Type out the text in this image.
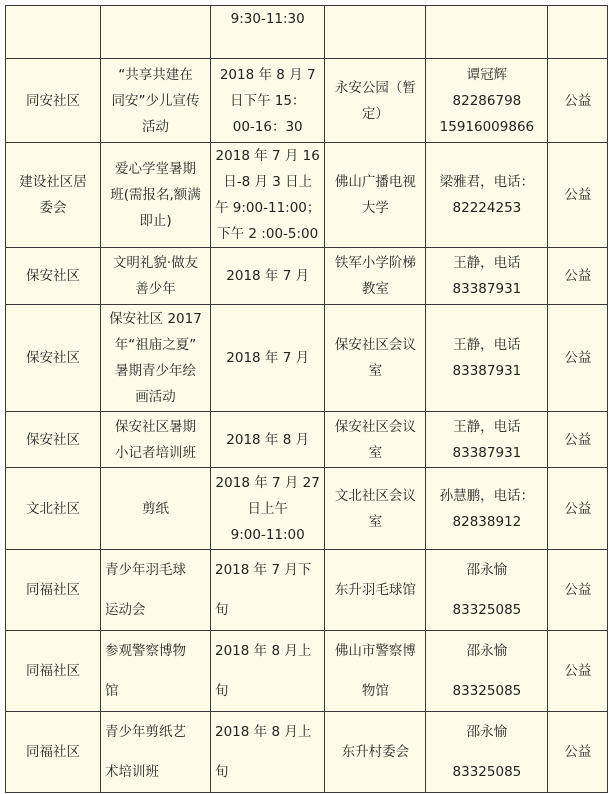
		9:30-11:30			

同安社区	“共享共建在
同安”少儿宣传
活动	2018 年 8 月 7
日下午 15：
00-16：30	永安公园（暂
定）	谭冠辉
82286798
15916009866	公益

建设社区居
委会	爱心学堂暑期
班(需报名,额满
即止)	2018 年 7 月 16
日-8 月 3 日上
午 9:00-11:00；
下午 2 :00-5:00	佛山广播电视
大学	梁雅君，电话：
82224253	公益

保安社区	文明礼貌·做友
善少年	2018 年 7 月	铁军小学阶梯
教室	王静，电话
83387931	公益

保安社区	保安社区 2017
年“祖庙之夏”
暑期青少年绘
画活动	2018 年 7 月	保安社区会议
室	王静，电话
83387931	公益

保安社区	保安社区暑期
小记者培训班	2018 年 8 月	保安社区会议
室	王静，电话
83387931	公益

文北社区	剪纸	2018 年 7 月 27
日上午
9:00-11:00	文北社区会议
室	孙慧鹏，电话：
82838912	公益

同福社区	青少年羽毛球
运动会	2018 年 7 月下
旬	东升羽毛球馆	邵永愉
83325085	公益

同福社区	参观警察博物
馆	2018 年 8 月上
旬	佛山市警察博
物馆	邵永愉
83325085	公益

同福社区	青少年剪纸艺
术培训班	2018 年 8 月上
旬	东升村委会	邵永愉
83325085	公益
